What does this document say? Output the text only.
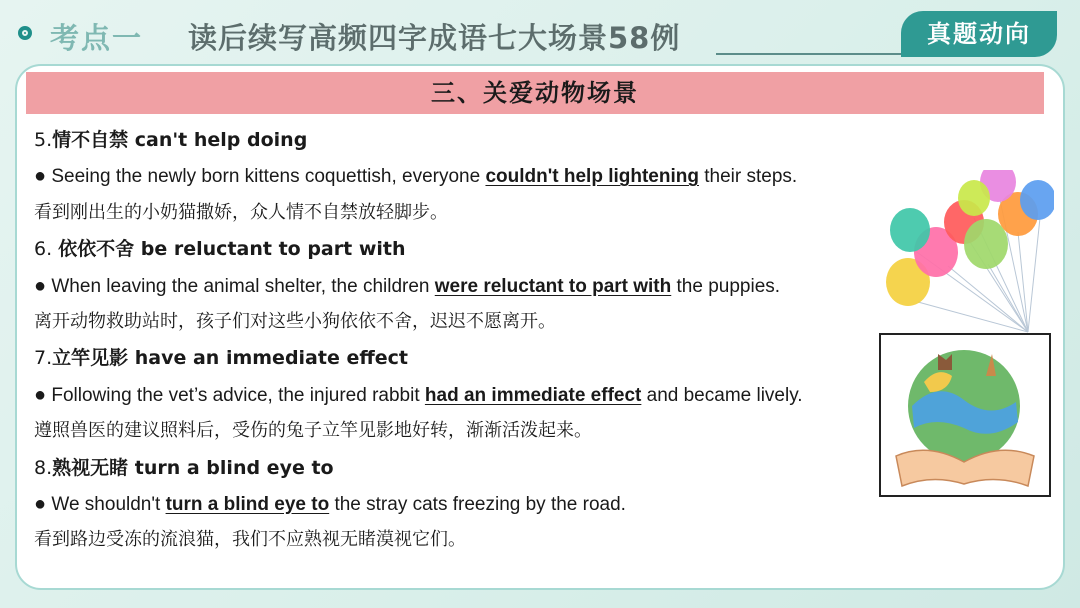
考点一 读后续写高频四字成语七大场景58例	真题动向
三、关爱动物场景
5.情不自禁 can't help doing
● Seeing the newly born kittens coquettish, everyone couldn't help lightening their steps.
看到刚出生的小奶猫撒娇，众人情不自禁放轻脚步。
6. 依依不舍 be reluctant to part with
● When leaving the animal shelter, the children were reluctant to part with the puppies.
离开动物救助站时，孩子们对这些小狗依依不舍，迟迟不愿离开。
7.立竿见影 have an immediate effect
● Following the vet’s advice, the injured rabbit had an immediate effect and became lively.
遵照兽医的建议照料后，受伤的兔子立竿见影地好转，渐渐活泼起来。
8.熟视无睹 turn a blind eye to
● We shouldn't turn a blind eye to the stray cats freezing by the road.
看到路边受冻的流浪猫，我们不应熟视无睹漠视它们。
